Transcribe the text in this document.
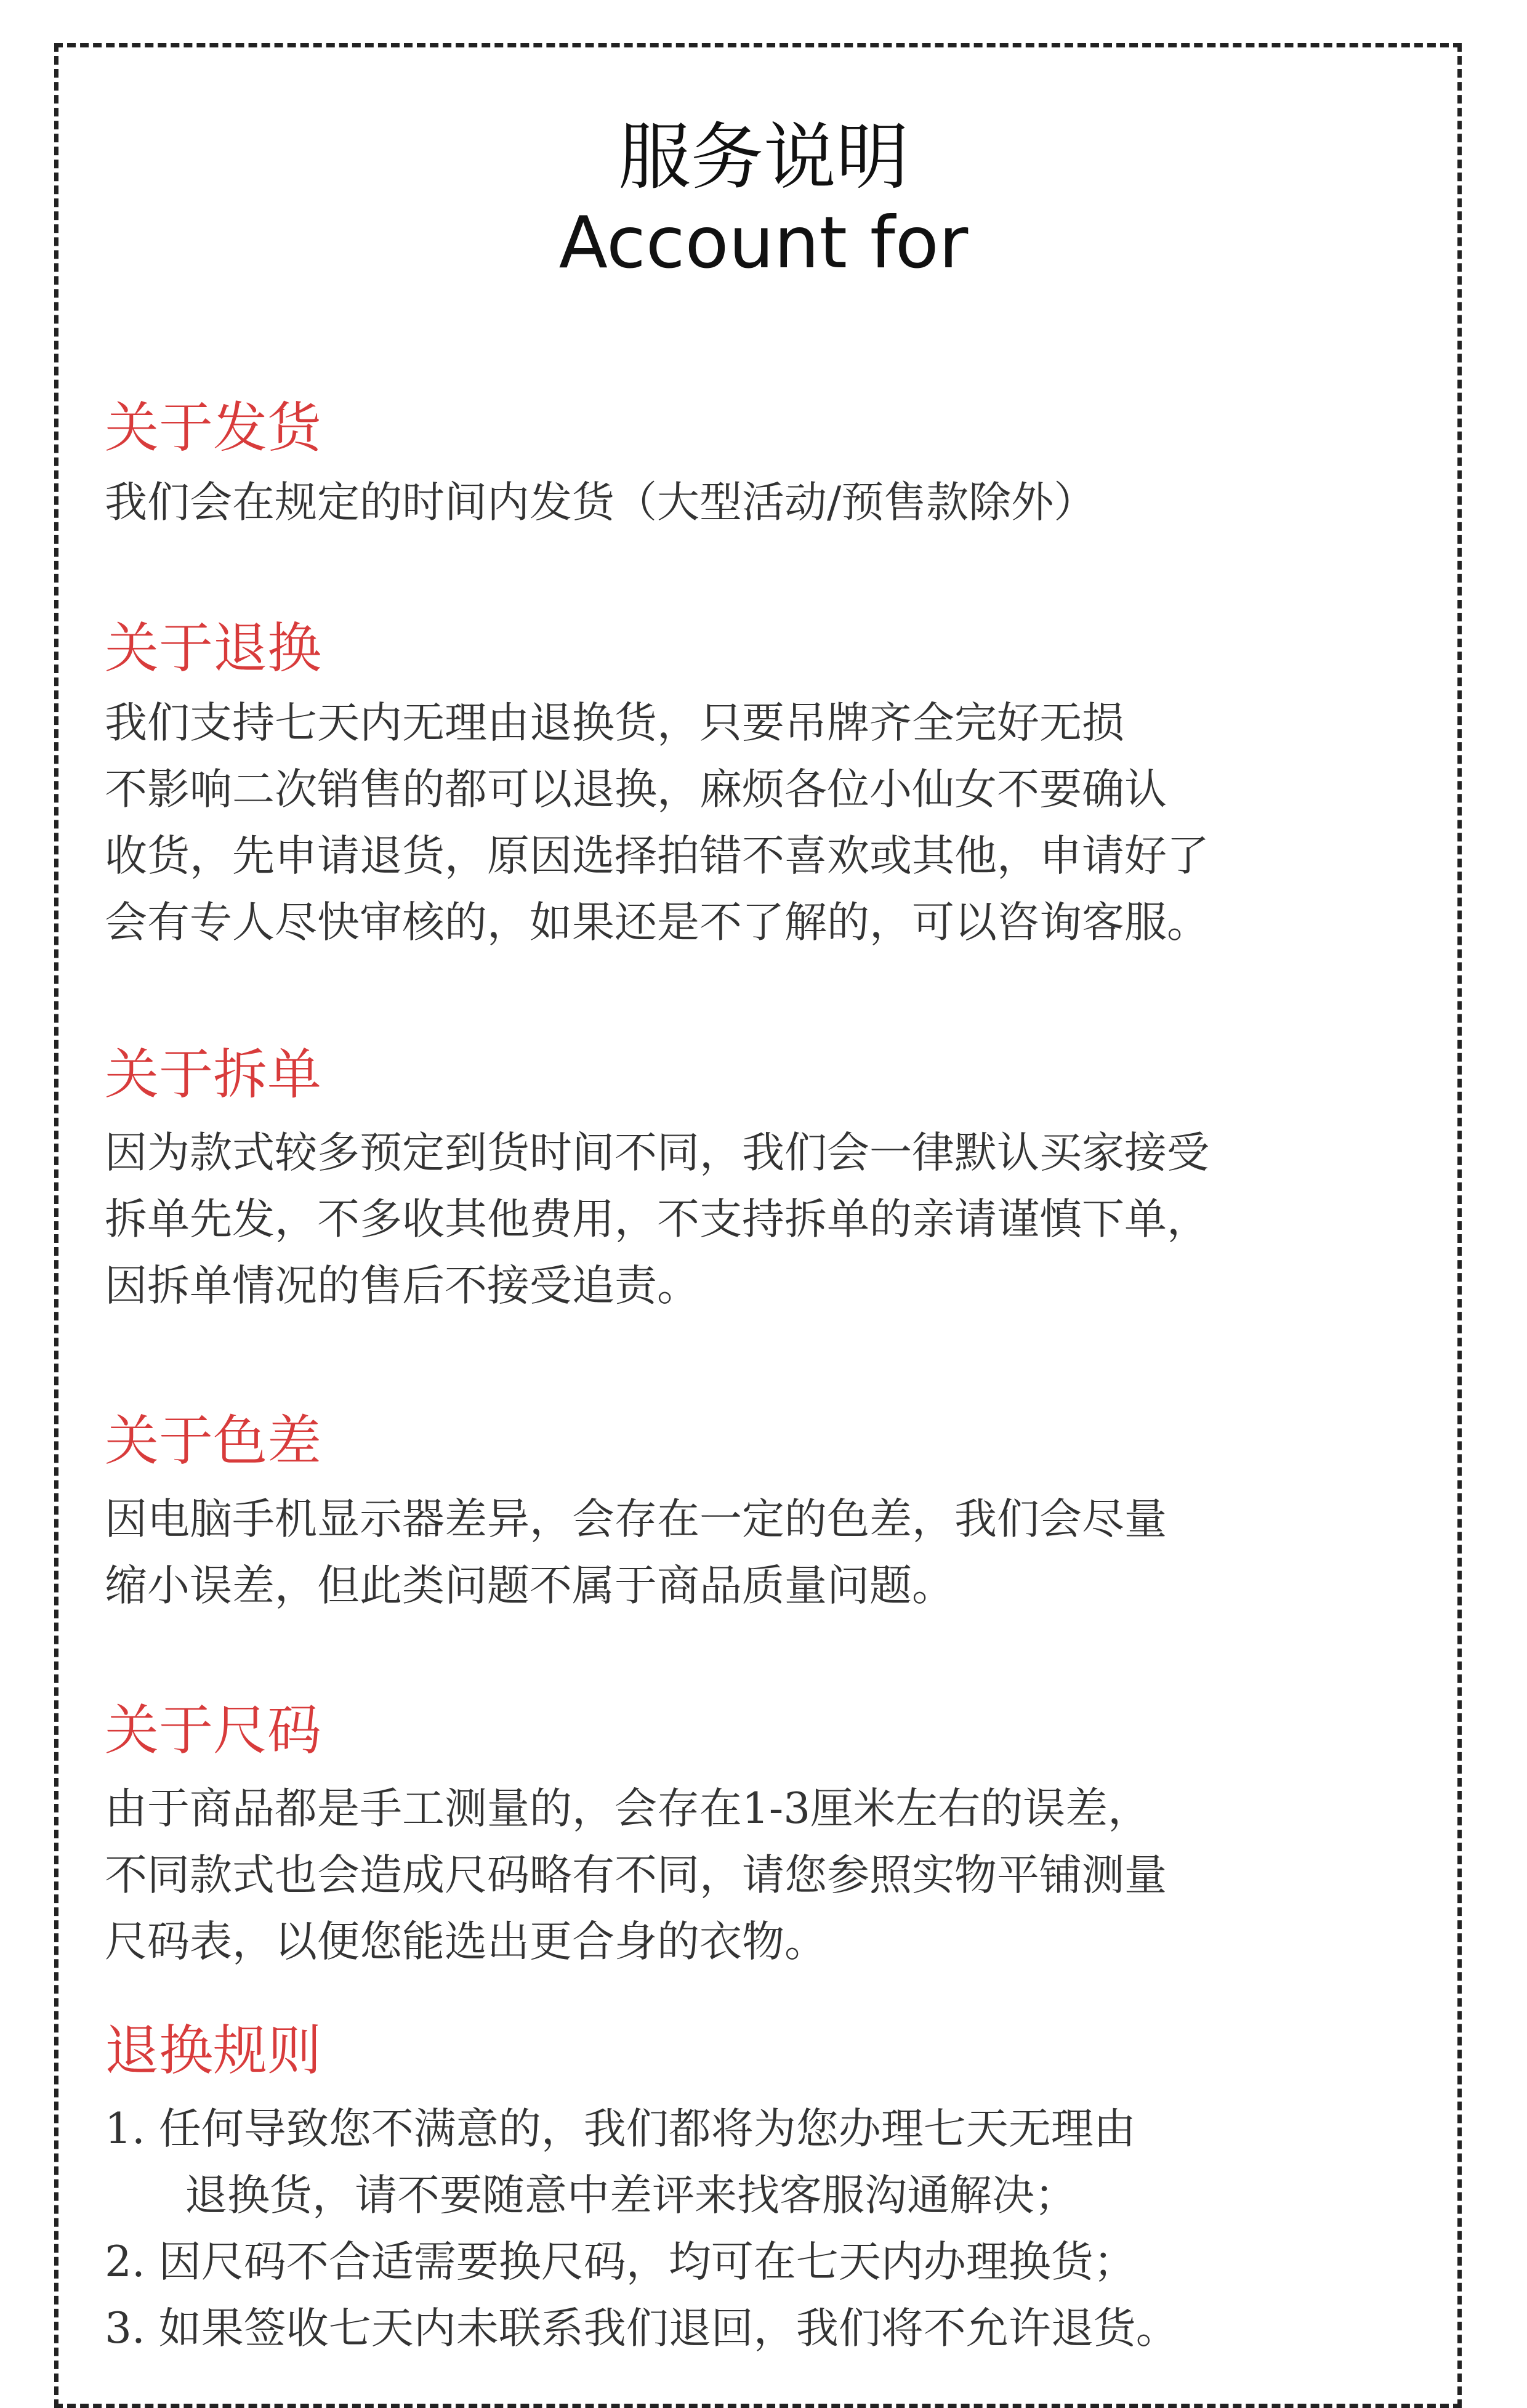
服务说明
Account for
关于发货
我们会在规定的时间内发货（大型活动/预售款除外）
关于退换
我们支持七天内无理由退换货，只要吊牌齐全完好无损
不影响二次销售的都可以退换，麻烦各位小仙女不要确认
收货，先申请退货，原因选择拍错不喜欢或其他，申请好了
会有专人尽快审核的，如果还是不了解的，可以咨询客服。
关于拆单
因为款式较多预定到货时间不同，我们会一律默认买家接受
拆单先发，不多收其他费用，不支持拆单的亲请谨慎下单，
因拆单情况的售后不接受追责。
关于色差
因电脑手机显示器差异，会存在一定的色差，我们会尽量
缩小误差，但此类问题不属于商品质量问题。
关于尺码
由于商品都是手工测量的，会存在1-3厘米左右的误差，
不同款式也会造成尺码略有不同，请您参照实物平铺测量
尺码表，以便您能选出更合身的衣物。
退换规则
1. 任何导致您不满意的，我们都将为您办理七天无理由
退换货，请不要随意中差评来找客服沟通解决；
2. 因尺码不合适需要换尺码，均可在七天内办理换货；
3. 如果签收七天内未联系我们退回，我们将不允许退货。
